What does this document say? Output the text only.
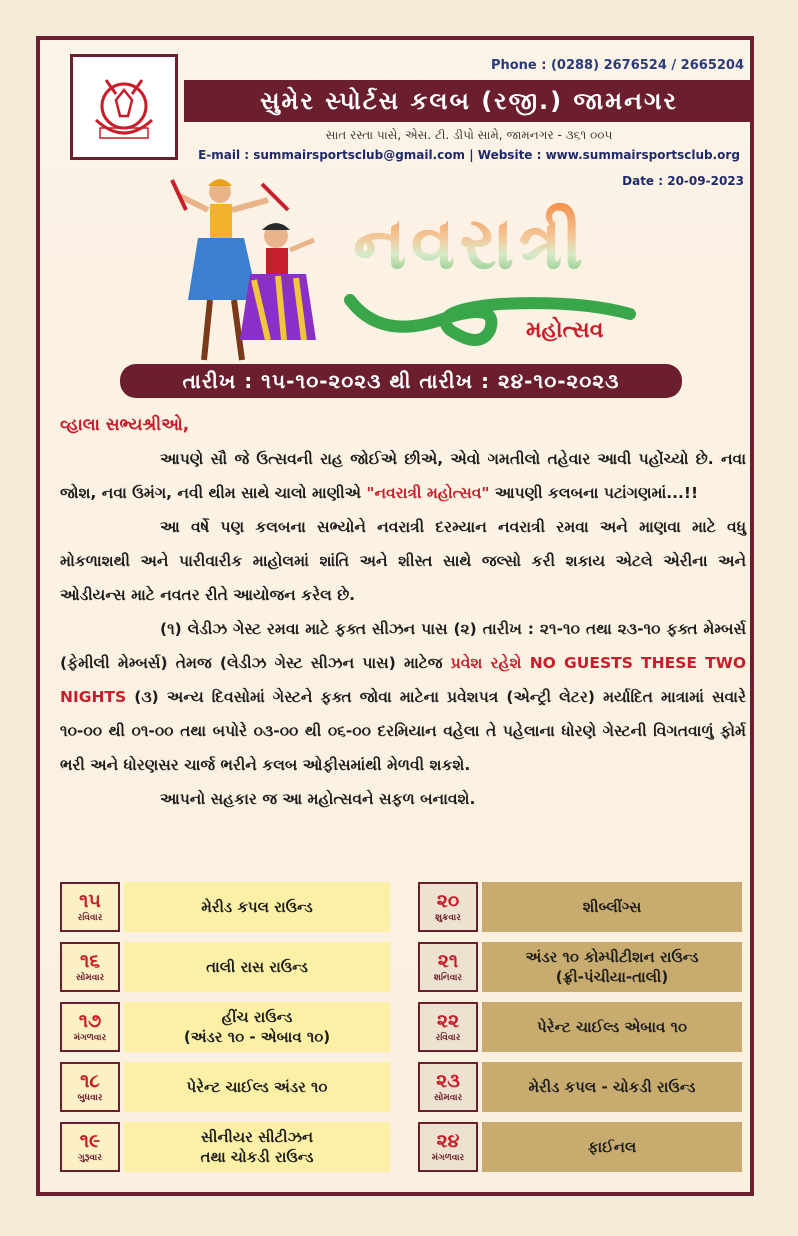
Phone : (0288) 2676524 / 2665204
સુમેર સ્પોર્ટસ કલબ (રજી.) જામનગર
સાત રસ્તા પાસે, એસ. ટી. ડીપો સામે, જામનગર - ૩૬૧ ૦૦૫
E-mail : summairsportsclub@gmail.com | Website : www.summairsportsclub.org
Date : 20-09-2023
નવરાત્રી
મહોત્સવ
તારીખ : ૧૫-૧૦-૨૦૨૩ થી તારીખ : ૨૪-૧૦-૨૦૨૩

વ્હાલા સભ્યશ્રીઓ,

આપણે સૌ જે ઉત્સવની રાહ જોઈએ છીએ, એવો ગમતીલો તહેવાર આવી પહોંચ્યો છે. નવા જોશ, નવા ઉમંગ, નવી થીમ સાથે ચાલો માણીએ "નવરાત્રી મહોત્સવ" આપણી કલબના પટાંગણમાં...!!

આ વર્ષે પણ કલબના સભ્યોને નવરાત્રી દરમ્યાન નવરાત્રી રમવા અને માણવા માટે વધુ મોકળાશથી અને પારીવારીક માહોલમાં શાંતિ અને શીસ્ત સાથે જલ્સો કરી શકાય એટલે એરીના અને ઓડીયન્સ માટે નવતર રીતે આયોજન કરેલ છે.

(૧) લેડીઝ ગેસ્ટ રમવા માટે ફક્ત સીઝન પાસ (૨) તારીખ : ૨૧-૧૦ તથા ૨૩-૧૦ ફક્ત મેમ્બર્સ (ફેમીલી મેમ્બર્સ) તેમજ (લેડીઝ ગેસ્ટ સીઝન પાસ) માટેજ પ્રવેશ રહેશે NO GUESTS THESE TWO NIGHTS (૩) અન્ય દિવસોમાં ગેસ્ટને ફક્ત જોવા માટેના પ્રવેશપત્ર (એન્ટ્રી લેટર) મર્યાદિત માત્રામાં સવારે ૧૦-૦૦ થી ૦૧-૦૦ તથા બપોરે ૦૩-૦૦ થી ૦૬-૦૦ દરમિયાન વહેલા તે પહેલાના ધોરણે ગેસ્ટની વિગતવાળું ફોર્મ ભરી અને ધોરણસર ચાર્જ ભરીને કલબ ઓફીસમાંથી મેળવી શકશે.

આપનો સહકાર જ આ મહોત્સવને સફળ બનાવશે.

૧૫
રવિવાર
મેરીડ કપલ રાઉન્ડ
૧૬
સોમવાર
તાલી રાસ રાઉન્ડ
૧૭
મંગળવાર
હીંચ રાઉન્ડ
(અંડર ૧૦ - એબાવ ૧૦)
૧૮
બુધવાર
પેરેન્ટ ચાઈલ્ડ અંડર ૧૦
૧૯
ગુરૂવાર
સીનીયર સીટીઝન
તથા ચોકડી રાઉન્ડ
૨૦
શુક્રવાર
શીબ્લીંગ્સ
૨૧
શનિવાર
અંડર ૧૦ કોમ્પીટીશન રાઉન્ડ
(ફ્રી-પંચીયા-તાલી)
૨૨
રવિવાર
પેરેન્ટ ચાઈલ્ડ એબાવ ૧૦
૨૩
સોમવાર
મેરીડ કપલ - ચોકડી રાઉન્ડ
૨૪
મંગળવાર
ફાઈનલ
